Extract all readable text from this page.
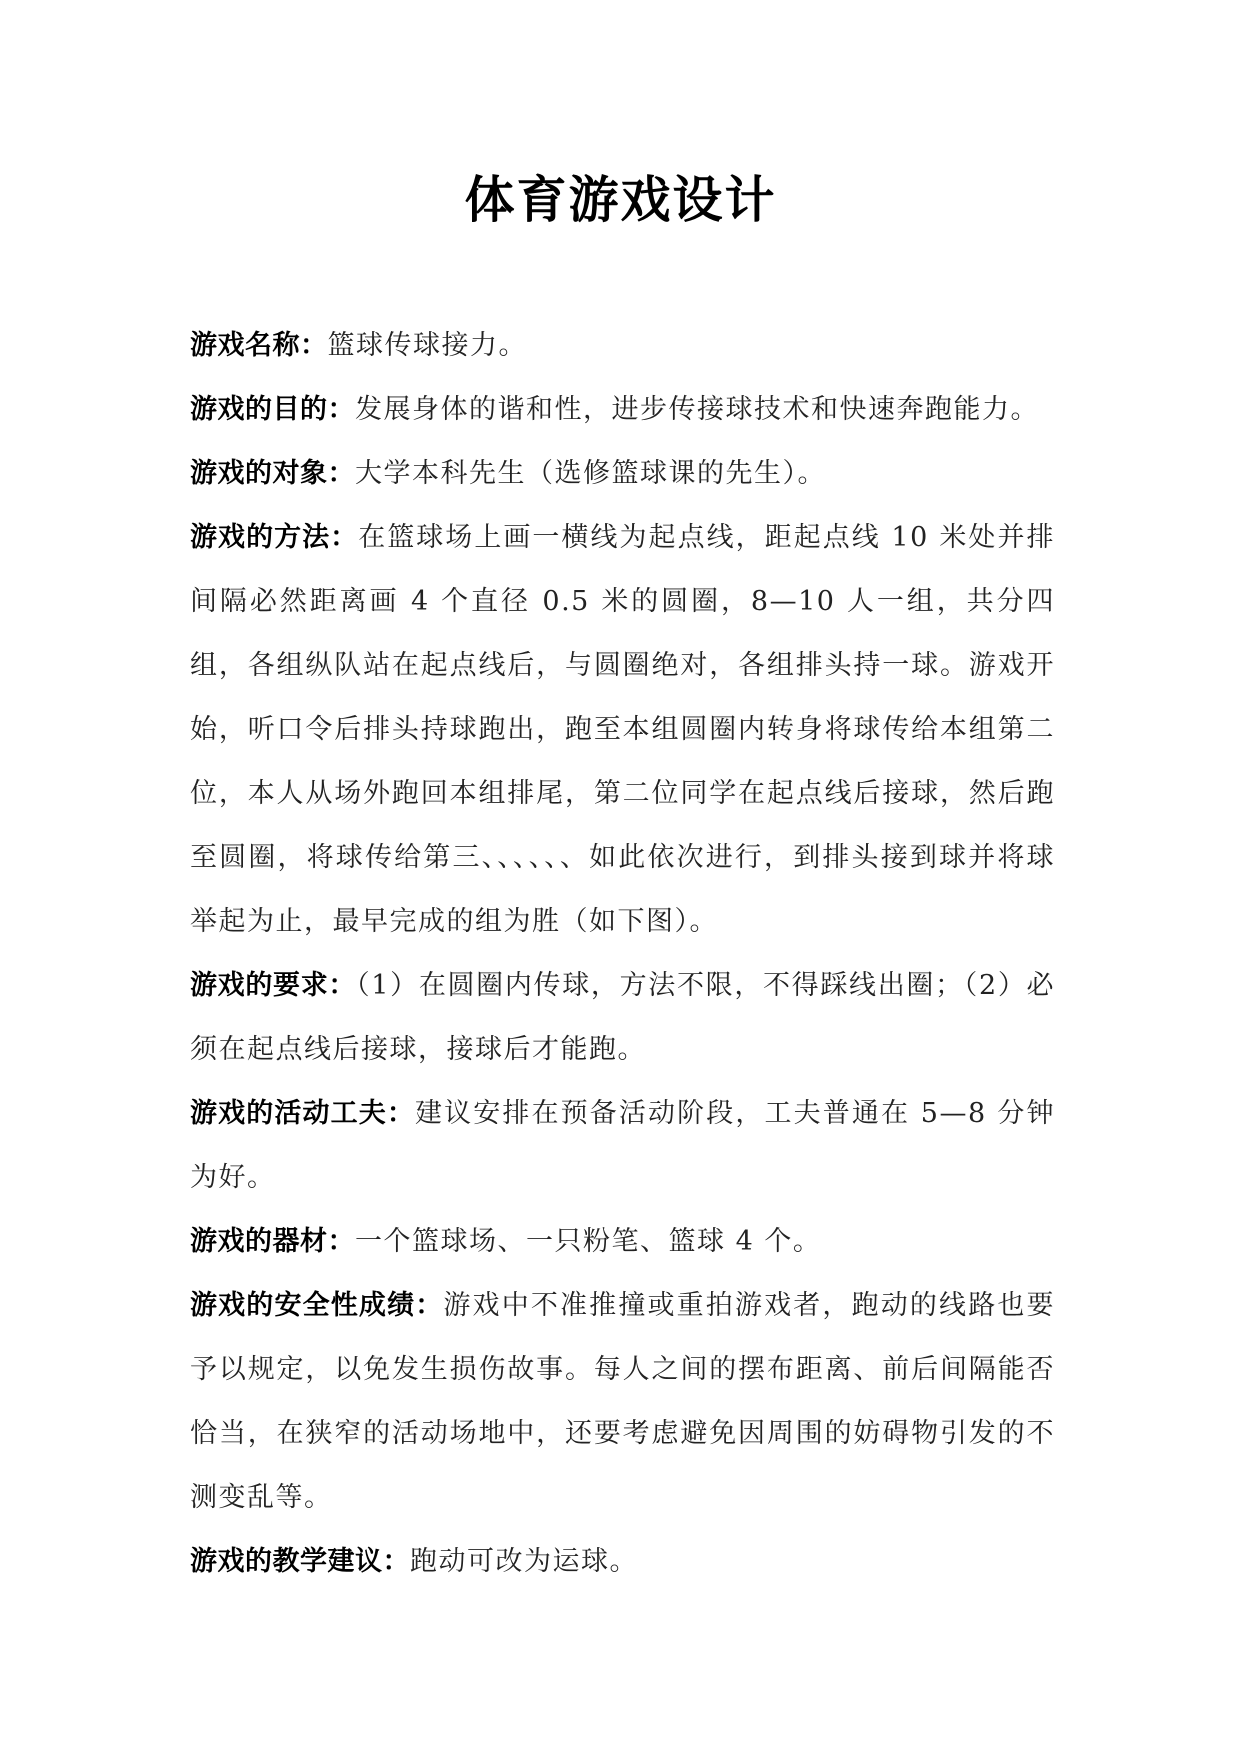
体育游戏设计

游戏名称：篮球传球接力。

游戏的目的：发展身体的谐和性，进步传接球技术和快速奔跑能力。

游戏的对象：大学本科先生（选修篮球课的先生）。

游戏的方法：在篮球场上画一横线为起点线，距起点线 10 米处并排间隔必然距离画 4 个直径 0.5 米的圆圈，8—10 人一组，共分四组，各组纵队站在起点线后，与圆圈绝对，各组排头持一球。游戏开始，听口令后排头持球跑出，跑至本组圆圈内转身将球传给本组第二位，本人从场外跑回本组排尾，第二位同学在起点线后接球，然后跑至圆圈，将球传给第三、、、、、、如此依次进行，到排头接到球并将球举起为止，最早完成的组为胜（如下图）。

游戏的要求：（1）在圆圈内传球，方法不限，不得踩线出圈；（2）必须在起点线后接球，接球后才能跑。

游戏的活动工夫：建议安排在预备活动阶段，工夫普通在 5—8 分钟为好。

游戏的器材：一个篮球场、一只粉笔、篮球 4 个。

游戏的安全性成绩：游戏中不准推撞或重拍游戏者，跑动的线路也要予以规定，以免发生损伤故事。每人之间的摆布距离、前后间隔能否恰当，在狭窄的活动场地中，还要考虑避免因周围的妨碍物引发的不测变乱等。

游戏的教学建议：跑动可改为运球。
